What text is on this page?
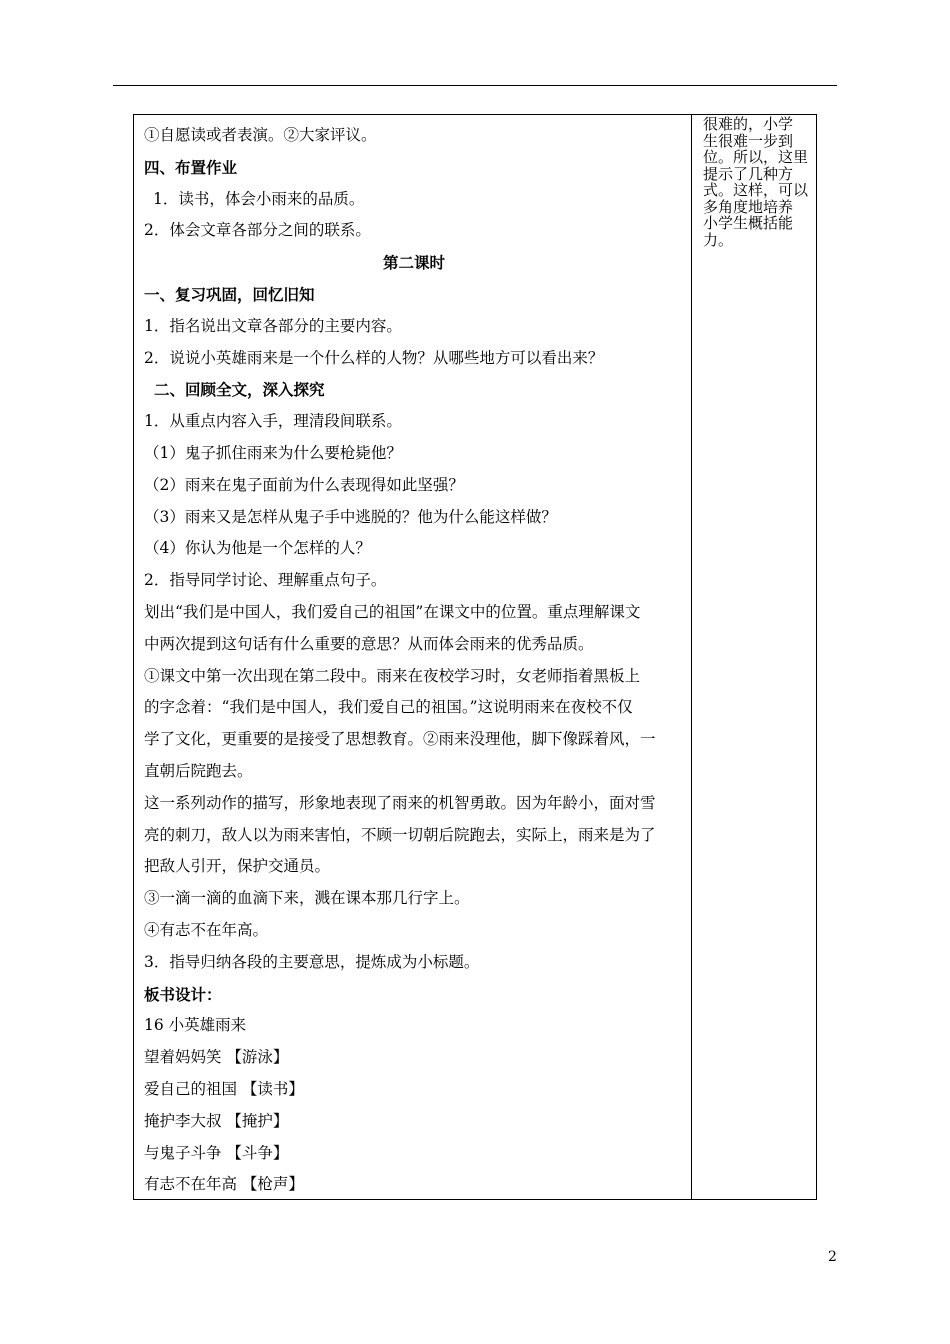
①自愿读或者表演。②大家评议。
四、布置作业
1．读书，体会小雨来的品质。
2．体会文章各部分之间的联系。
第二课时
一、复习巩固，回忆旧知
1．指名说出文章各部分的主要内容。
2．说说小英雄雨来是一个什么样的人物？从哪些地方可以看出来？
二、回顾全文，深入探究
1．从重点内容入手，理清段间联系。
（1）鬼子抓住雨来为什么要枪毙他？
（2）雨来在鬼子面前为什么表现得如此坚强？
（3）雨来又是怎样从鬼子手中逃脱的？他为什么能这样做？
（4）你认为他是一个怎样的人？
2．指导同学讨论、理解重点句子。
划出“我们是中国人，我们爱自己的祖国”在课文中的位置。重点理解课文
中两次提到这句话有什么重要的意思？从而体会雨来的优秀品质。
①课文中第一次出现在第二段中。雨来在夜校学习时，女老师指着黑板上
的字念着：“我们是中国人，我们爱自己的祖国。”这说明雨来在夜校不仅
学了文化，更重要的是接受了思想教育。②雨来没理他，脚下像踩着风，一
直朝后院跑去。
这一系列动作的描写，形象地表现了雨来的机智勇敢。因为年龄小，面对雪
亮的刺刀，敌人以为雨来害怕，不顾一切朝后院跑去，实际上，雨来是为了
把敌人引开，保护交通员。
③一滴一滴的血滴下来，溅在课本那几行字上。
④有志不在年高。
3．指导归纳各段的主要意思，提炼成为小标题。
板书设计：
16 小英雄雨来
望着妈妈笑 【游泳】
爱自己的祖国 【读书】
掩护李大叔 【掩护】
与鬼子斗争 【斗争】
有志不在年高 【枪声】
很难的，小学
生很难一步到
位。所以，这里
提示了几种方
式。这样，可以
多角度地培养
小学生概括能
力。
2
